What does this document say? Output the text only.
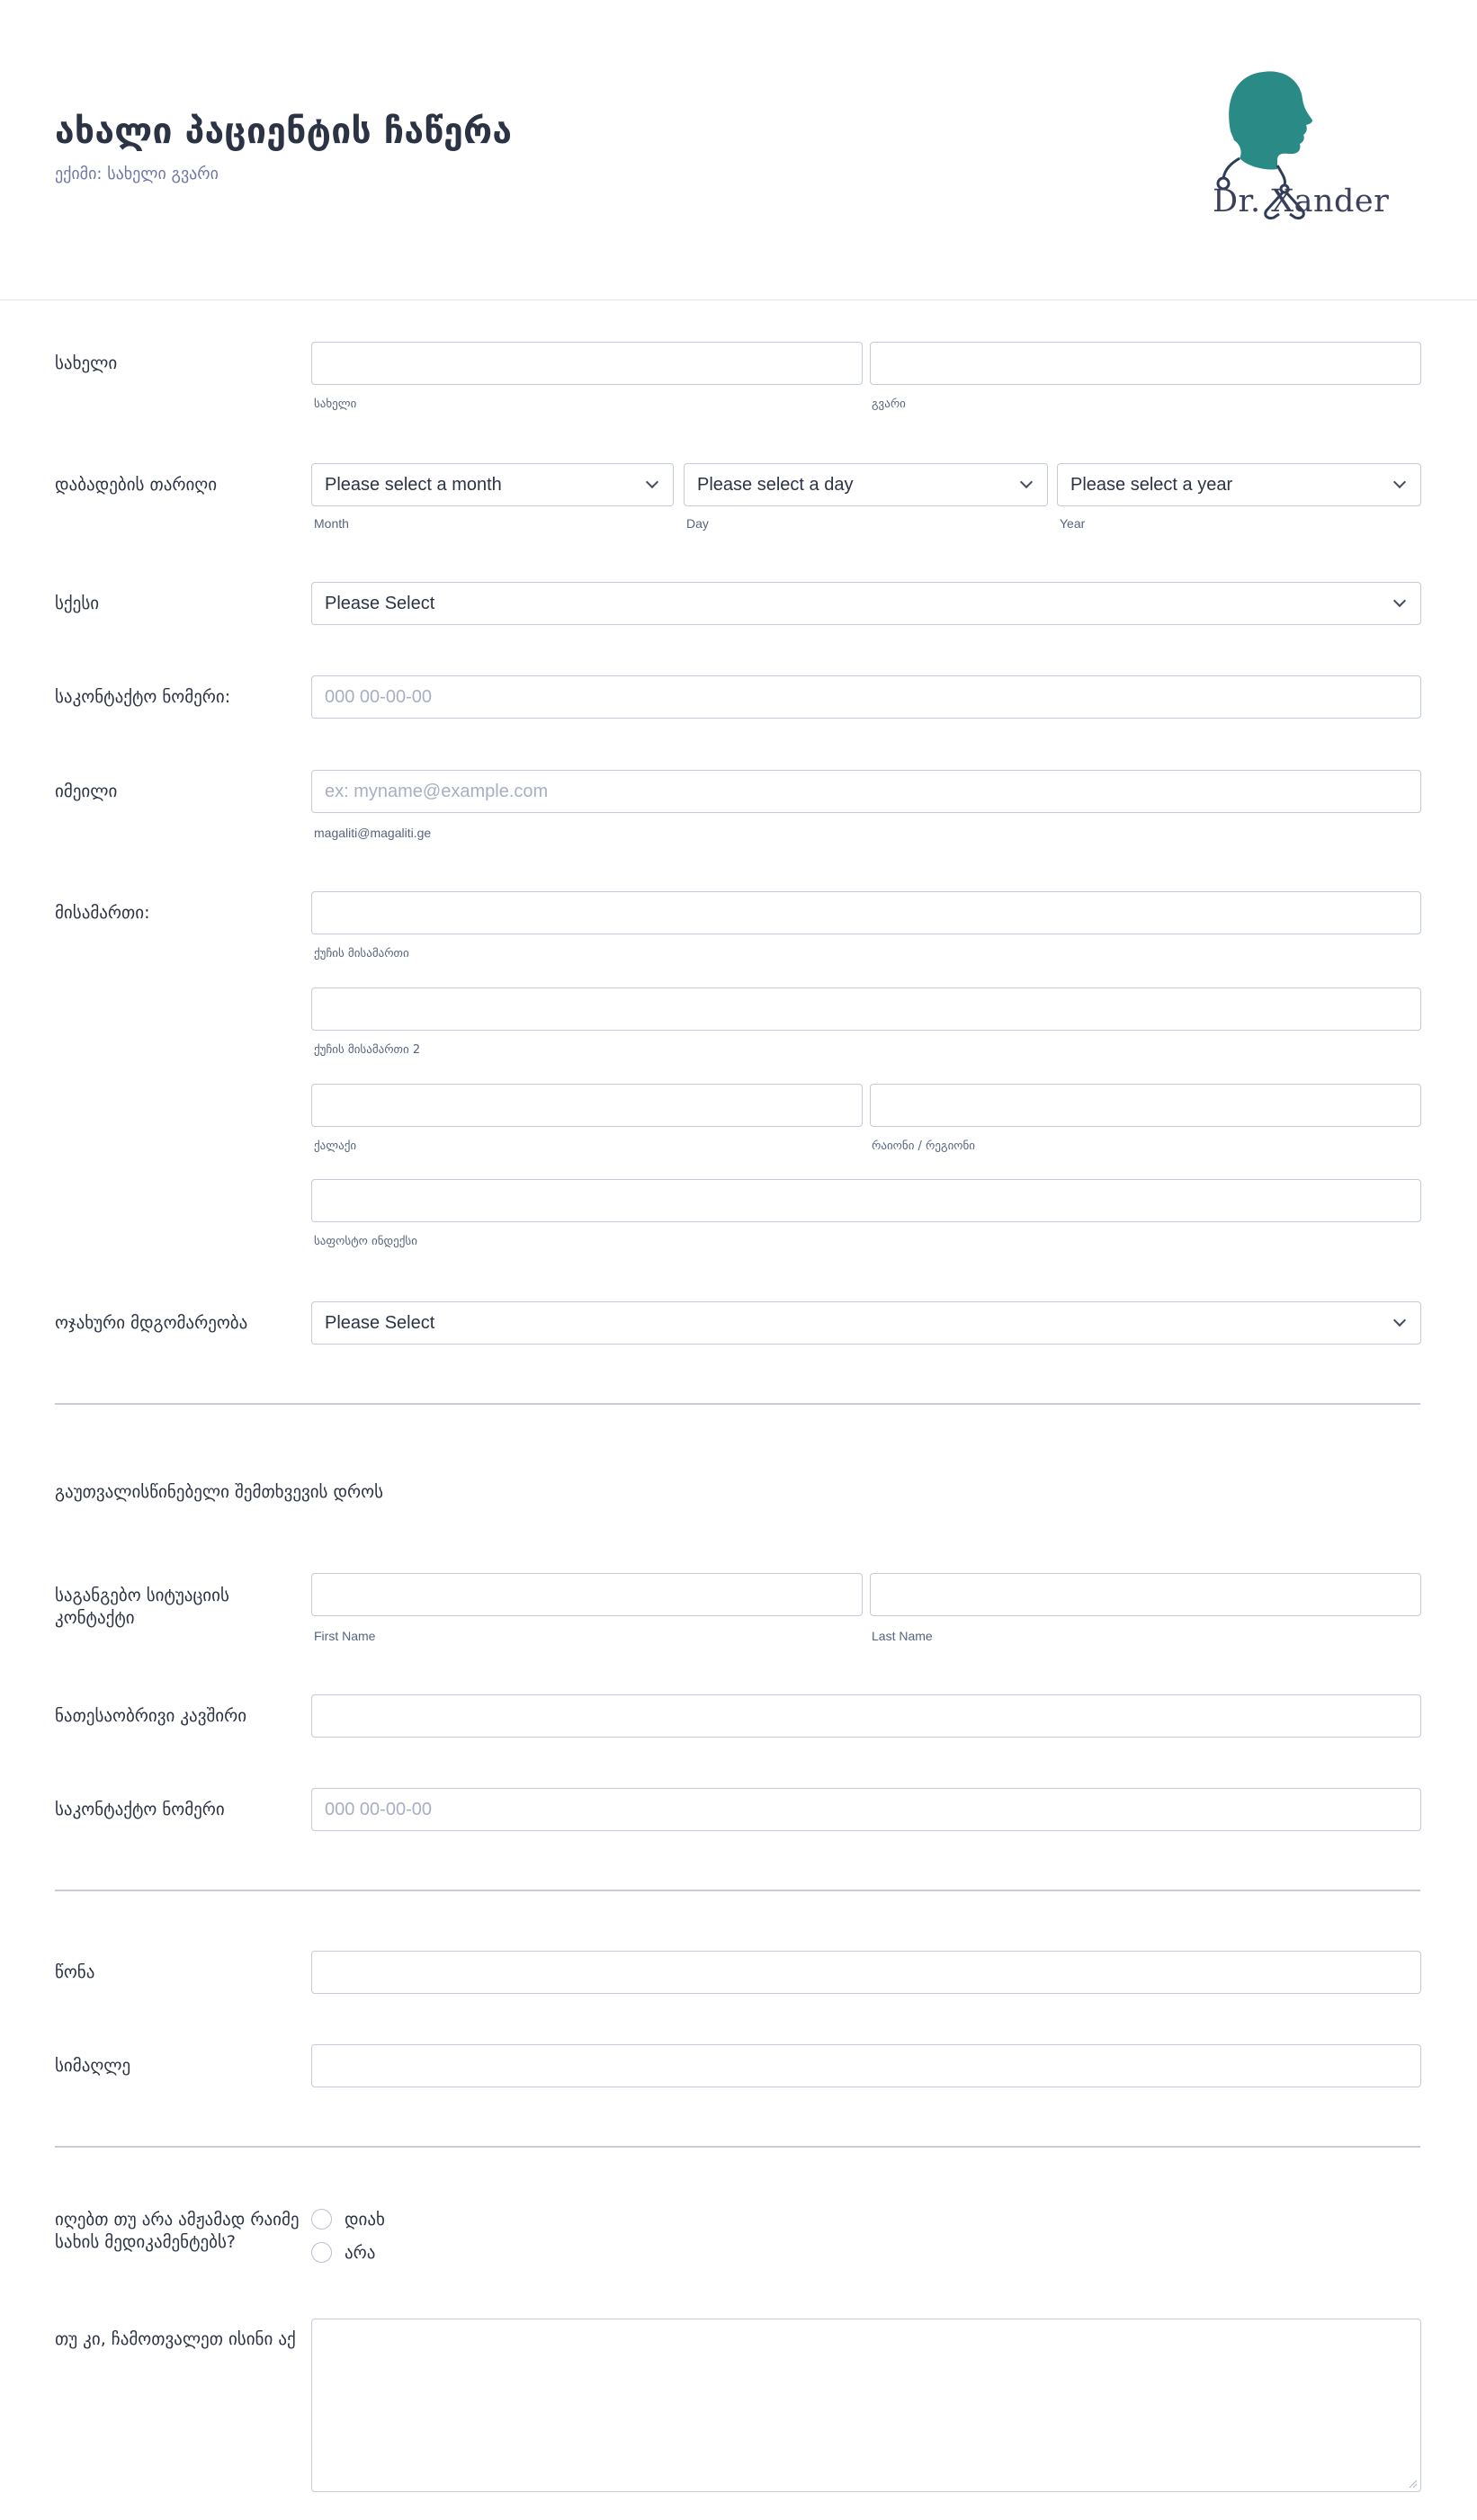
ახალი პაციენტის ჩაწერა

ექიმი: სახელი გვარი

Dr. Xander
სახელი
სახელი	გვარი
დაბადების თარიღი	Please select a month	Please select a day	Please select a year
Month	Day	Year
სქესი	Please Select
საკონტაქტო ნომერი:	000 00-00-00
იმეილი	ex: myname@example.com
magaliti@magaliti.ge
მისამართი:
ქუჩის მისამართი
ქუჩის მისამართი 2
ქალაქი	რაიონი / რეგიონი
საფოსტო ინდექსი
ოჯახური მდგომარეობა	Please Select
გაუთვალისწინებელი შემთხვევის დროს
საგანგებო სიტუაციის კონტაქტი
First Name	Last Name
ნათესაობრივი კავშირი
საკონტაქტო ნომერი	000 00-00-00
წონა
სიმაღლე
იღებთ თუ არა ამჟამად რაიმე სახის მედიკამენტებს?
დიახ
არა
თუ კი, ჩამოთვალეთ ისინი აქ
